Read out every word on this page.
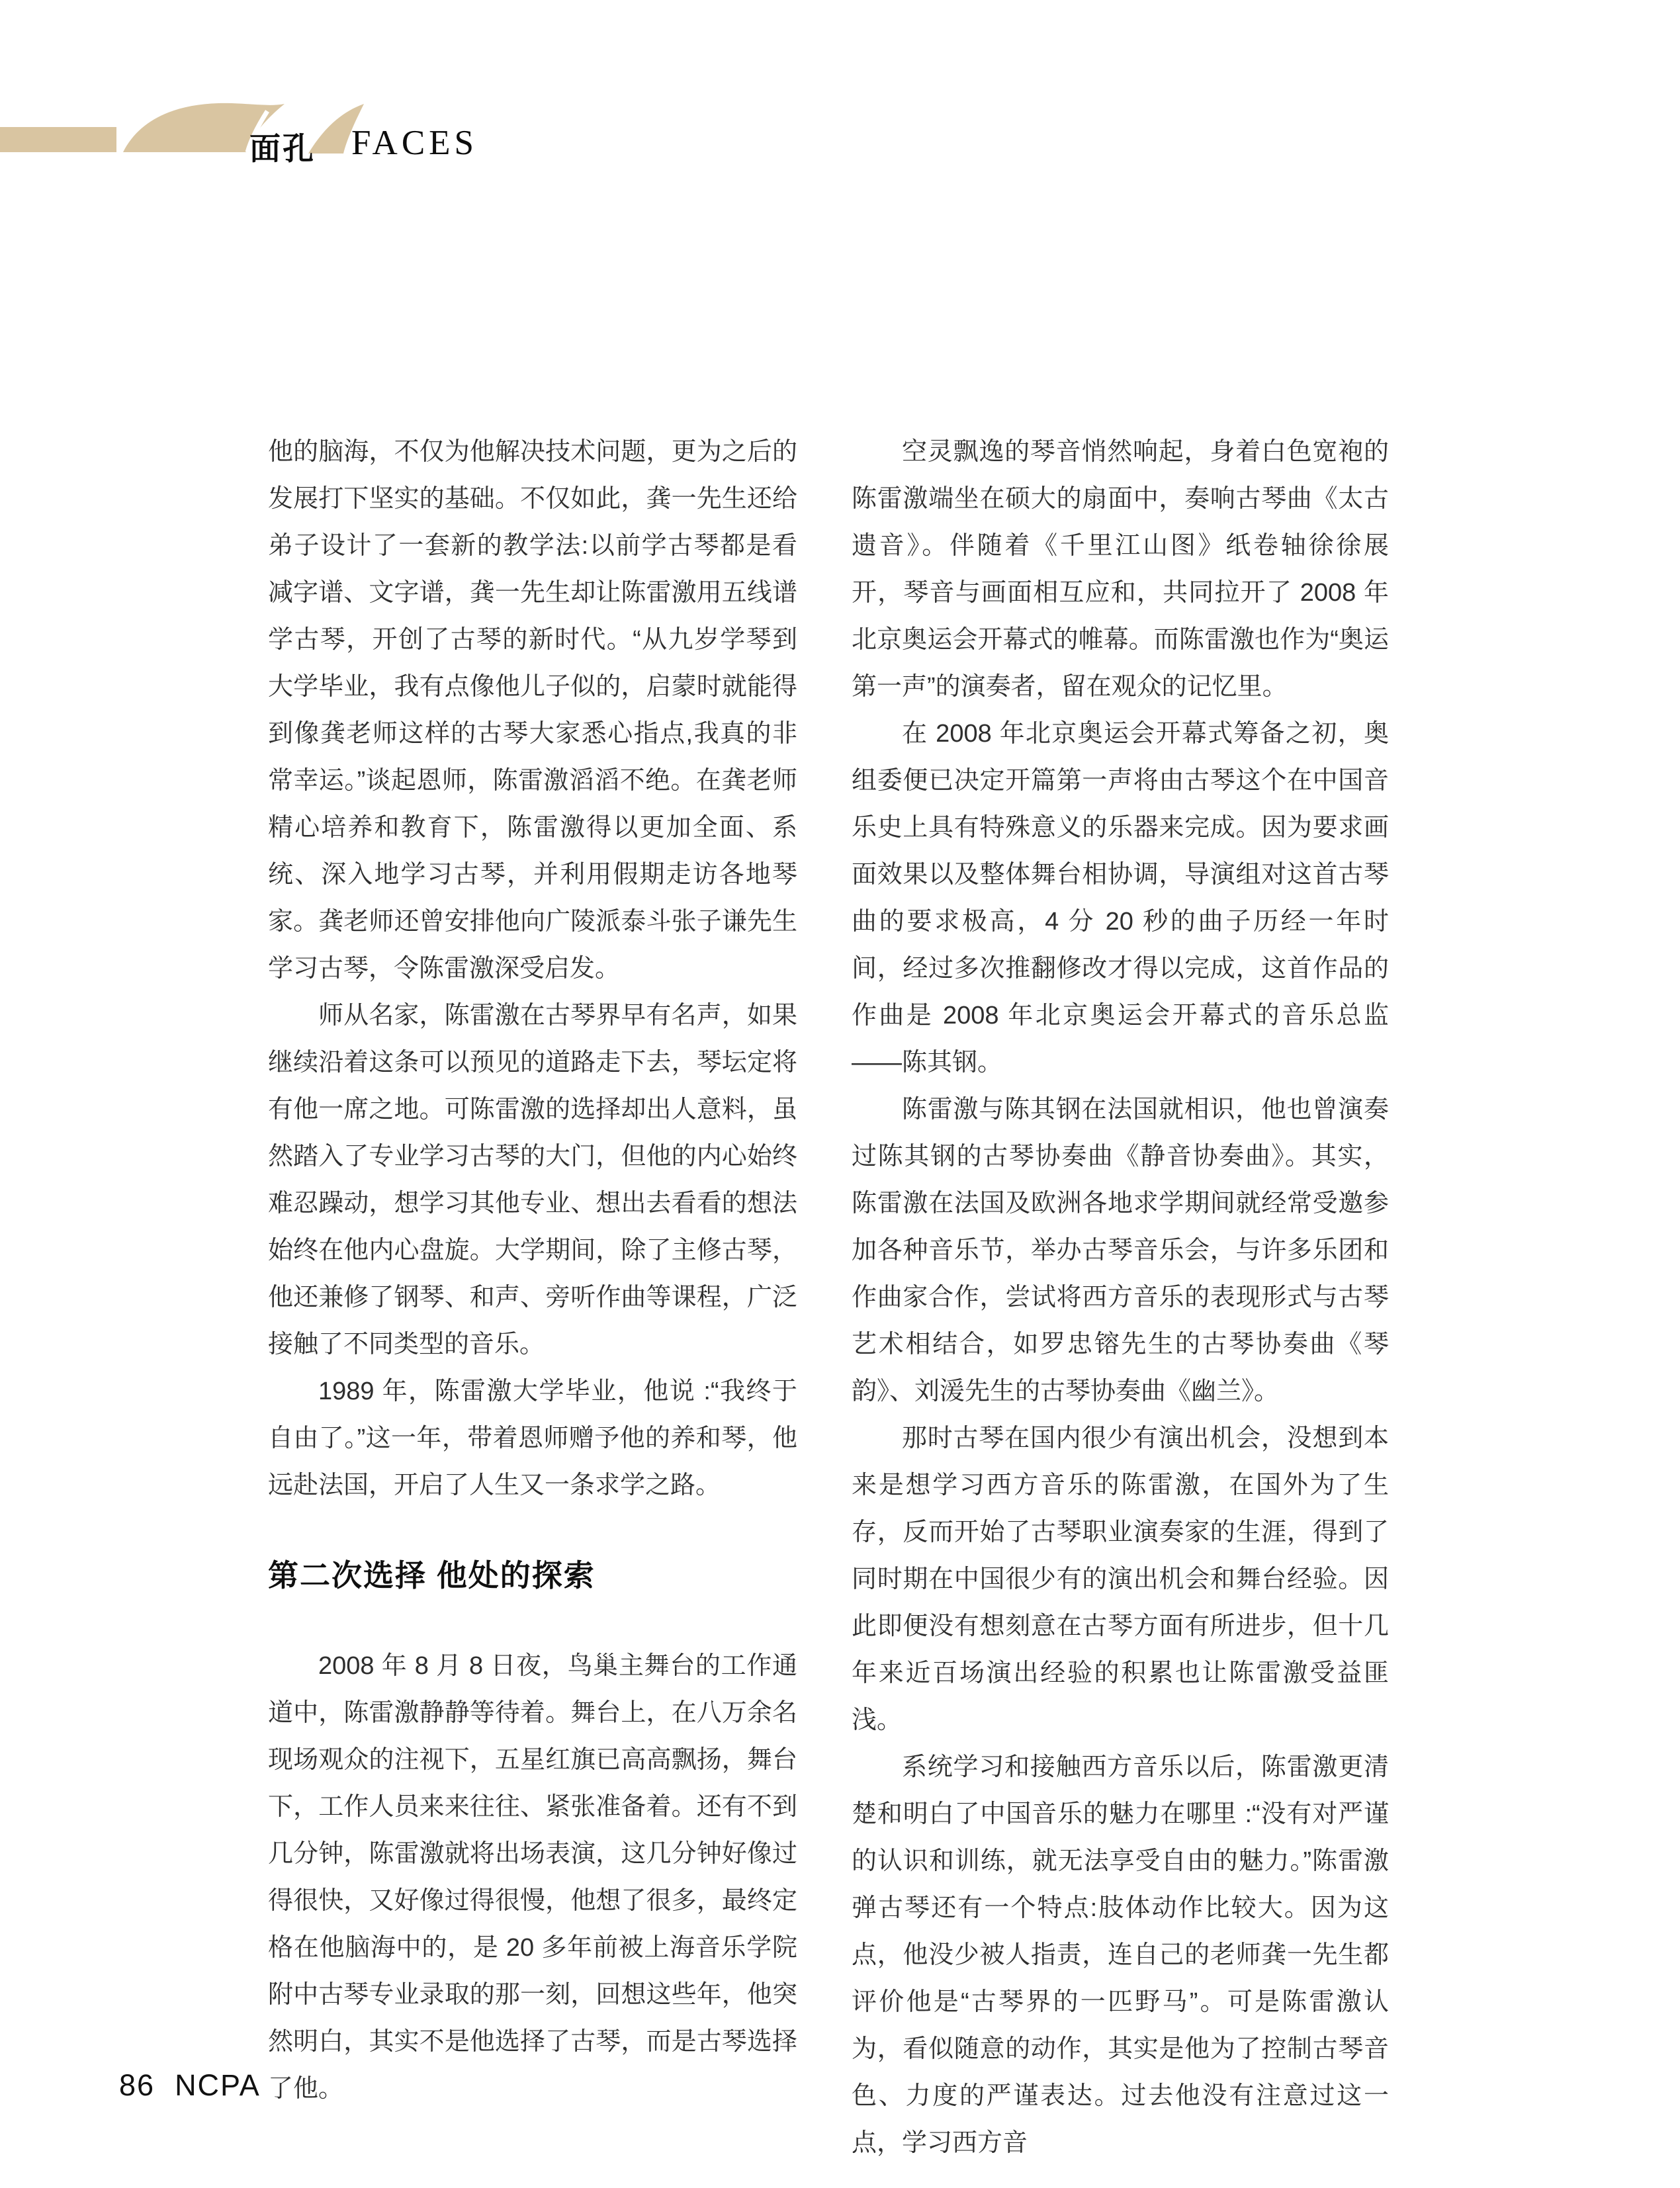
面孔 FACES

他的脑海，不仅为他解决技术问题，更为之后的发展打下坚实的基础。不仅如此，龚一先生还给弟子设计了一套新的教学法:以前学古琴都是看减字谱、文字谱，龚一先生却让陈雷激用五线谱学古琴，开创了古琴的新时代。“从九岁学琴到大学毕业，我有点像他儿子似的，启蒙时就能得到像龚老师这样的古琴大家悉心指点,我真的非常幸运。”谈起恩师，陈雷激滔滔不绝。在龚老师精心培养和教育下，陈雷激得以更加全面、系统、深入地学习古琴，并利用假期走访各地琴家。龚老师还曾安排他向广陵派泰斗张子谦先生学习古琴，令陈雷激深受启发。

师从名家，陈雷激在古琴界早有名声，如果继续沿着这条可以预见的道路走下去，琴坛定将有他一席之地。可陈雷激的选择却出人意料，虽然踏入了专业学习古琴的大门，但他的内心始终难忍躁动，想学习其他专业、想出去看看的想法始终在他内心盘旋。大学期间，除了主修古琴，他还兼修了钢琴、和声、旁听作曲等课程，广泛接触了不同类型的音乐。

1989 年，陈雷激大学毕业，他说 :“我终于自由了。”这一年，带着恩师赠予他的养和琴，他远赴法国，开启了人生又一条求学之路。

第二次选择 他处的探索

2008 年 8 月 8 日夜，鸟巢主舞台的工作通道中，陈雷激静静等待着。舞台上，在八万余名现场观众的注视下，五星红旗已高高飘扬，舞台下，工作人员来来往往、紧张准备着。还有不到几分钟，陈雷激就将出场表演，这几分钟好像过得很快，又好像过得很慢，他想了很多，最终定格在他脑海中的，是 20 多年前被上海音乐学院附中古琴专业录取的那一刻，回想这些年，他突然明白，其实不是他选择了古琴，而是古琴选择了他。

空灵飘逸的琴音悄然响起，身着白色宽袍的陈雷激端坐在硕大的扇面中，奏响古琴曲《太古遗音》。伴随着《千里江山图》纸卷轴徐徐展开，琴音与画面相互应和，共同拉开了 2008 年北京奥运会开幕式的帷幕。而陈雷激也作为“奥运第一声”的演奏者，留在观众的记忆里。

在 2008 年北京奥运会开幕式筹备之初，奥组委便已决定开篇第一声将由古琴这个在中国音乐史上具有特殊意义的乐器来完成。因为要求画面效果以及整体舞台相协调，导演组对这首古琴曲的要求极高，4 分 20 秒的曲子历经一年时间，经过多次推翻修改才得以完成，这首作品的作曲是 2008 年北京奥运会开幕式的音乐总监——陈其钢。

陈雷激与陈其钢在法国就相识，他也曾演奏过陈其钢的古琴协奏曲《静音协奏曲》。其实，陈雷激在法国及欧洲各地求学期间就经常受邀参加各种音乐节，举办古琴音乐会，与许多乐团和作曲家合作，尝试将西方音乐的表现形式与古琴艺术相结合，如罗忠镕先生的古琴协奏曲《琴韵》、刘湲先生的古琴协奏曲《幽兰》。

那时古琴在国内很少有演出机会，没想到本来是想学习西方音乐的陈雷激，在国外为了生存，反而开始了古琴职业演奏家的生涯，得到了同时期在中国很少有的演出机会和舞台经验。因此即便没有想刻意在古琴方面有所进步，但十几年来近百场演出经验的积累也让陈雷激受益匪浅。

系统学习和接触西方音乐以后，陈雷激更清楚和明白了中国音乐的魅力在哪里 :“没有对严谨的认识和训练，就无法享受自由的魅力。”陈雷激弹古琴还有一个特点:肢体动作比较大。因为这点，他没少被人指责，连自己的老师龚一先生都评价他是“古琴界的一匹野马”。可是陈雷激认为，看似随意的动作，其实是他为了控制古琴音色、力度的严谨表达。过去他没有注意过这一点，学习西方音

86 NCPA
